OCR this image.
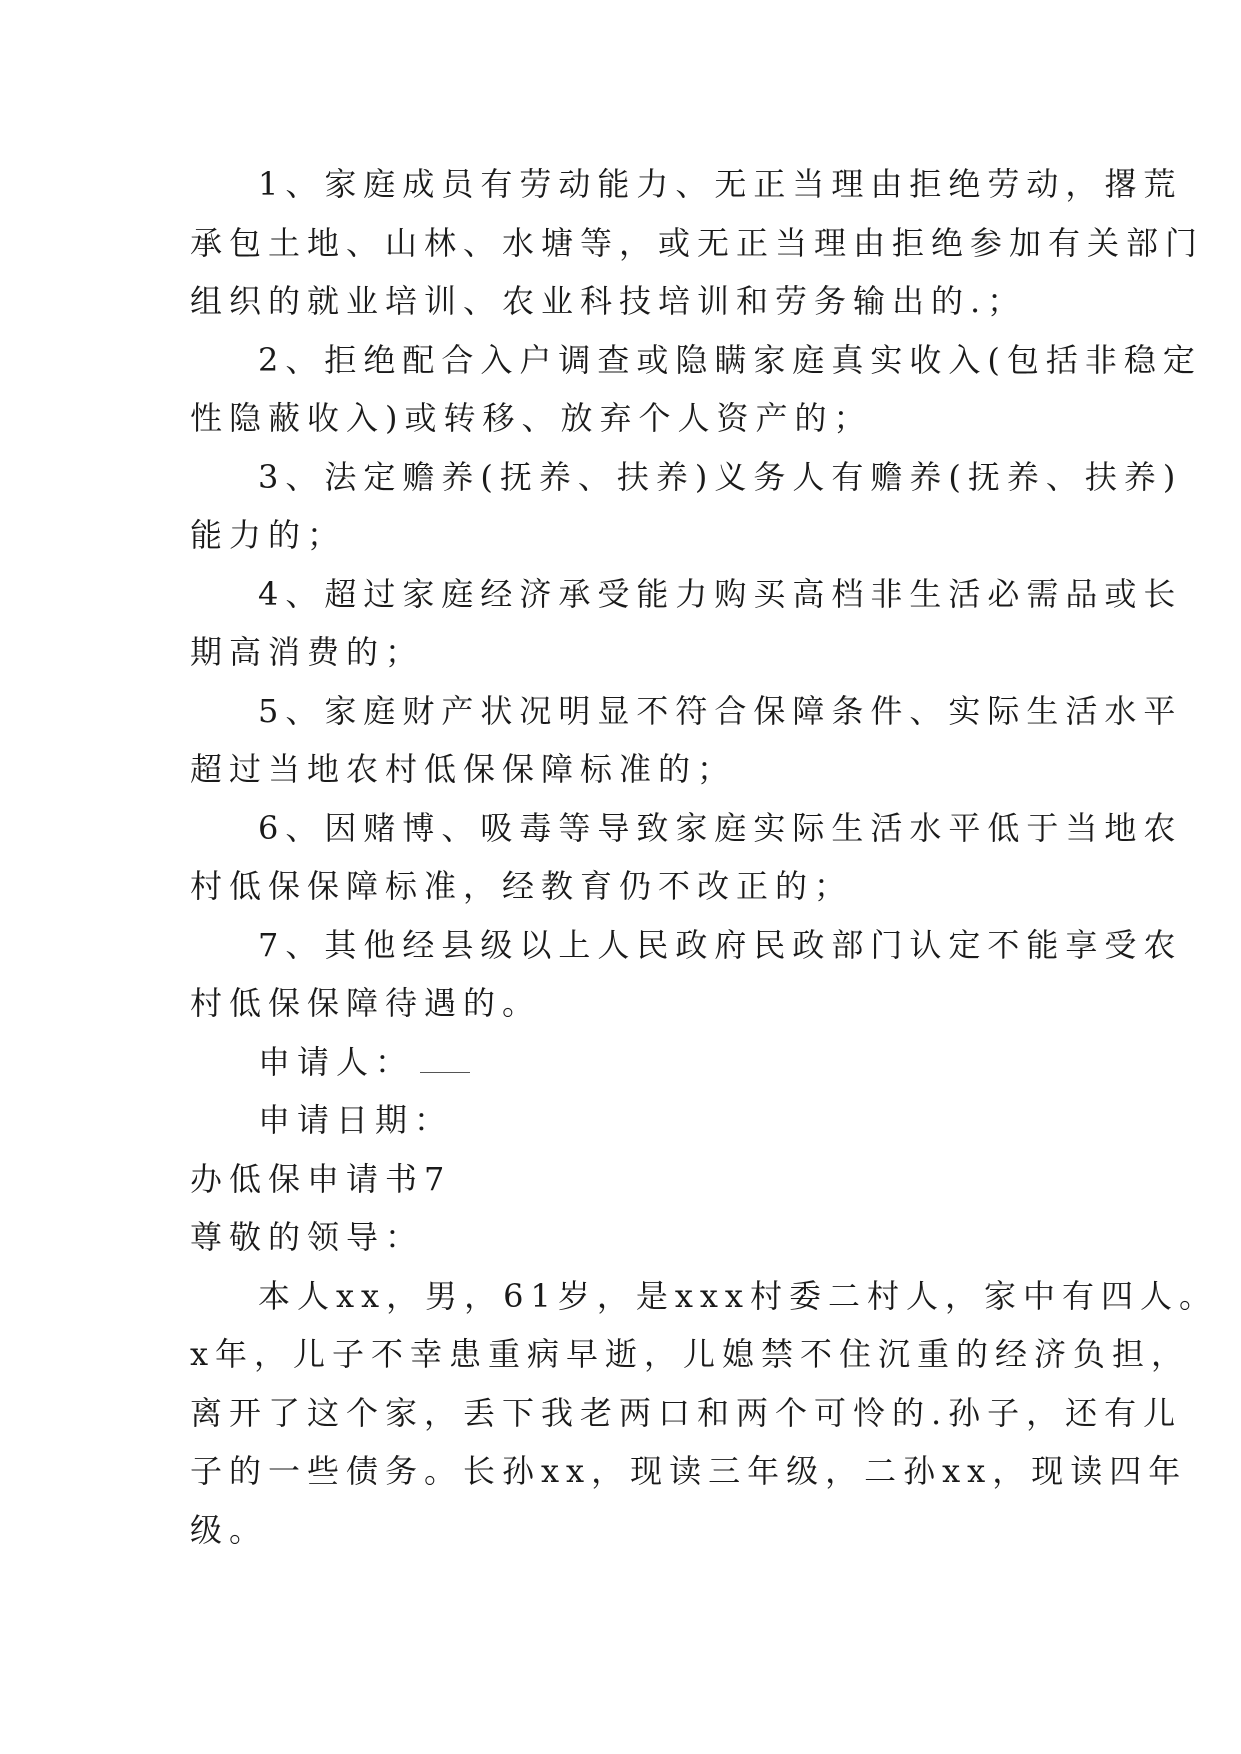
1、家庭成员有劳动能力、无正当理由拒绝劳动，撂荒
承包土地、山林、水塘等，或无正当理由拒绝参加有关部门
组织的就业培训、农业科技培训和劳务输出的.；
2、拒绝配合入户调查或隐瞒家庭真实收入(包括非稳定
性隐蔽收入)或转移、放弃个人资产的；
3、法定赡养(抚养、扶养)义务人有赡养(抚养、扶养)
能力的；
4、超过家庭经济承受能力购买高档非生活必需品或长
期高消费的；
5、家庭财产状况明显不符合保障条件、实际生活水平
超过当地农村低保保障标准的；
6、因赌博、吸毒等导致家庭实际生活水平低于当地农
村低保保障标准，经教育仍不改正的；
7、其他经县级以上人民政府民政部门认定不能享受农
村低保保障待遇的。
申请人：
申请日期：
办低保申请书7
尊敬的领导：
本人xx，男，61岁，是xxx村委二村人，家中有四人。
x年，儿子不幸患重病早逝，儿媳禁不住沉重的经济负担，
离开了这个家，丢下我老两口和两个可怜的.孙子，还有儿
子的一些债务。长孙xx，现读三年级，二孙xx，现读四年
级。
